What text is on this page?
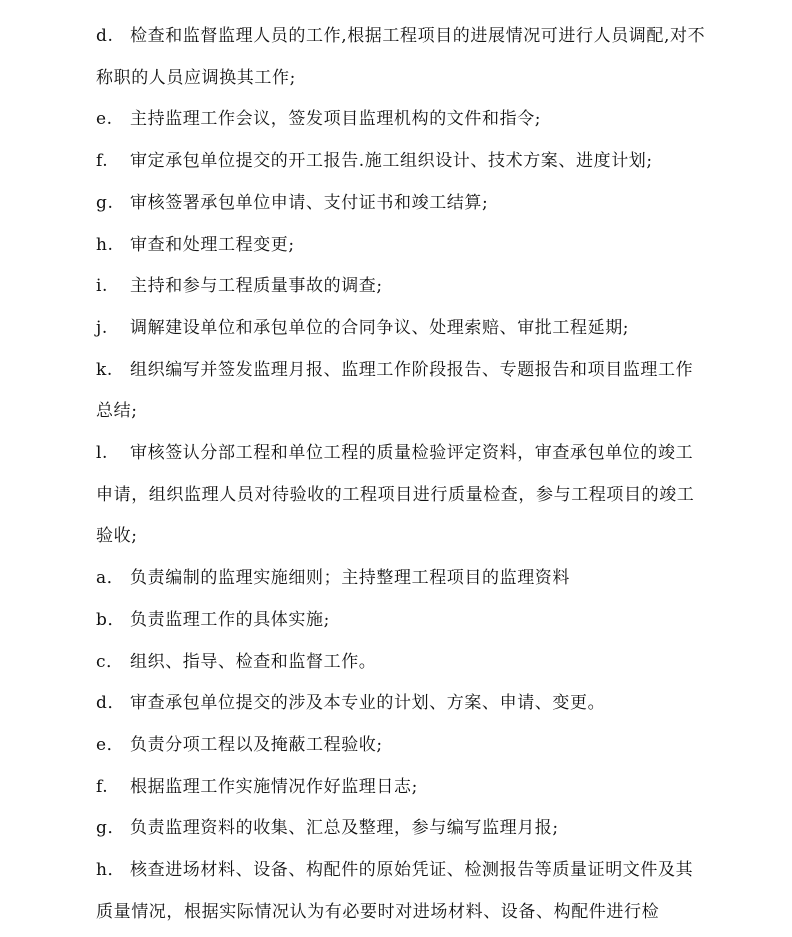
d. 检查和监督监理人员的工作,根据工程项目的进展情况可进行人员调配,对不称职的人员应调换其工作;

e. 主持监理工作会议，签发项目监理机构的文件和指令;

f. 审定承包单位提交的开工报告.施工组织设计、技术方案、进度计划;

g. 审核签署承包单位申请、支付证书和竣工结算;

h. 审查和处理工程变更;

i. 主持和参与工程质量事故的调查;

j. 调解建设单位和承包单位的合同争议、处理索赔、审批工程延期;

k. 组织编写并签发监理月报、监理工作阶段报告、专题报告和项目监理工作总结;

l. 审核签认分部工程和单位工程的质量检验评定资料，审查承包单位的竣工申请，组织监理人员对待验收的工程项目进行质量检查，参与工程项目的竣工验收;

a． 负责编制的监理实施细则；主持整理工程项目的监理资料

b． 负责监理工作的具体实施;

c． 组织、指导、检查和监督工作。

d． 审查承包单位提交的涉及本专业的计划、方案、申请、变更。

e． 负责分项工程以及掩蔽工程验收;

f. 根据监理工作实施情况作好监理日志;

g． 负责监理资料的收集、汇总及整理，参与编写监理月报;

h． 核查进场材料、设备、构配件的原始凭证、检测报告等质量证明文件及其质量情况，根据实际情况认为有必要时对进场材料、设备、构配件进行检
